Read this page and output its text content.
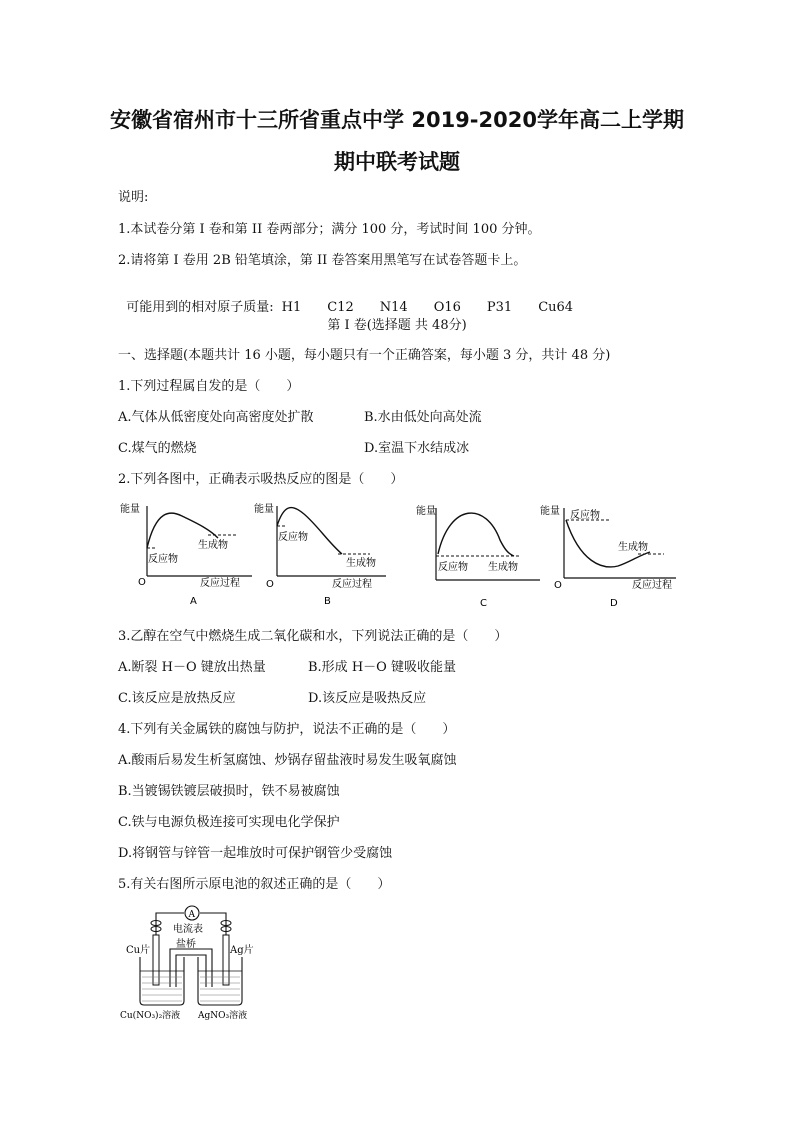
安徽省宿州市十三所省重点中学 2019-2020学年高二上学期
期中联考试题
说明:
1.本试卷分第 I 卷和第 II 卷两部分；满分 100 分，考试时间 100 分钟。
2.请将第 I 卷用 2B 铅笔填涂，第 II 卷答案用黑笔写在试卷答题卡上。

可能用到的相对原子质量: H1 C12 N14 O16 P31 Cu64

第 I 卷(选择题 共 48分)
一、选择题(本题共计 16 小题，每小题只有一个正确答案，每小题 3 分，共计 48 分)
1.下列过程属自发的是（　　）
A.气体从低密度处向高密度处扩散	B.水由低处向高处流
C.煤气的燃烧	D.室温下水结成冰
2.下列各图中，正确表示吸热反应的图是（　　）
能量
O	反应过程
反应物
生成物
A
能量
O	反应过程
反应物
生成物
B
能量
反应物 生成物
C
能量
O	反应过程
反应物
生成物
D
3.乙醇在空气中燃烧生成二氧化碳和水，下列说法正确的是（　　）
A.断裂 H－O 键放出热量	B.形成 H－O 键吸收能量
C.该反应是放热反应	D.该反应是吸热反应
4.下列有关金属铁的腐蚀与防护，说法不正确的是（　　）
A.酸雨后易发生析氢腐蚀、炒锅存留盐液时易发生吸氧腐蚀
B.当镀锡铁镀层破损时，铁不易被腐蚀
C.铁与电源负极连接可实现电化学保护
D.将钢管与锌管一起堆放时可保护钢管少受腐蚀
5.有关右图所示原电池的叙述正确的是（　　）
A
电流表
盐桥
Cu片	Ag片
Cu(NO₃)₂溶液 AgNO₃溶液
